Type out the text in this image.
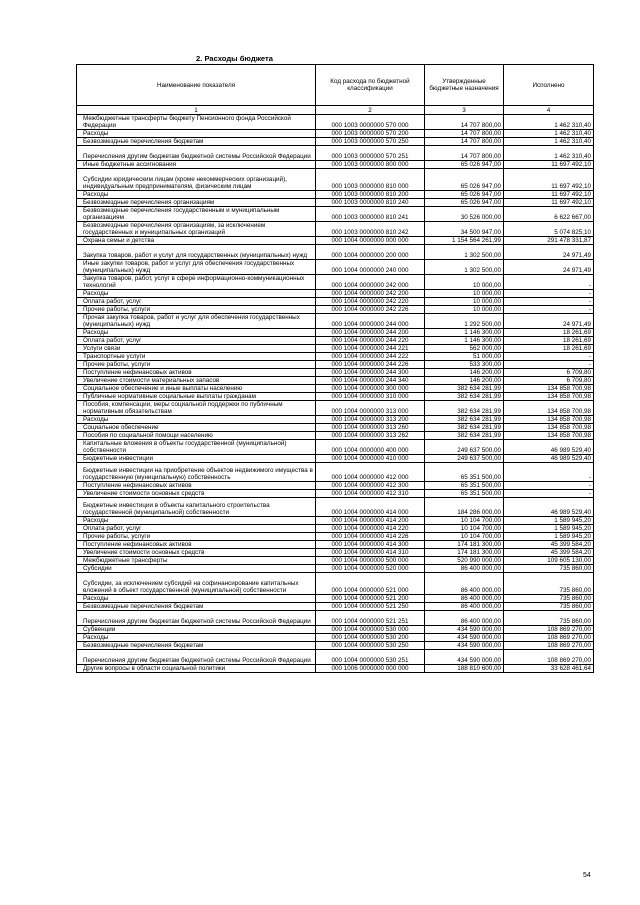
2. Расходы бюджета
Наименование показателя	Код расхода по бюджетной классификации	Утвержденные бюджетные назначения	Исполнено
1	2	3	4
Межбюджетные трансферты бюджету Пенсионного фонда Российской Федерации	000 1003 0000000 570 000	14 707 800,00	1 462 310,40
Расходы	000 1003 0000000 570 200	14 707 800,00	1 462 310,40
Безвозмездные перечисления бюджетам	000 1003 0000000 570 250	14 707 800,00	1 462 310,40
Перечисления другим бюджетам бюджетной системы Российской Федерации	000 1003 0000000 570 251	14 707 800,00	1 462 310,40
Иные бюджетные ассигнования	000 1003 0000000 800 000	65 026 947,00	11 697 492,10
Субсидии юридическим лицам (кроме некоммерческих организаций), индивидуальным предпринимателям, физическим лицам	000 1003 0000000 810 000	65 026 947,00	11 697 492,10
Расходы	000 1003 0000000 810 200	65 026 947,00	11 697 492,10
Безвозмездные перечисления организациям	000 1003 0000000 810 240	65 026 947,00	11 697 492,10
Безвозмездные перечисления государственным и муниципальным организациям	000 1003 0000000 810 241	30 526 000,00	6 622 667,00
Безвозмездные перечисления организациям, за исключением государственных и муниципальных организаций	000 1003 0000000 810 242	34 500 947,00	5 074 825,10
Охрана семьи и детства	000 1004 0000000 000 000	1 154 564 261,99	291 478 331,87
Закупка товаров, работ и услуг для государственных (муниципальных) нужд	000 1004 0000000 200 000	1 302 500,00	24 971,49
Иные закупки товаров, работ и услуг для обеспечения государственных (муниципальных) нужд	000 1004 0000000 240 000	1 302 500,00	24 971,49
Закупка товаров, работ, услуг в сфере информационно-коммуникационных технологий	000 1004 0000000 242 000	10 000,00	-
Расходы	000 1004 0000000 242 200	10 000,00	-
Оплата работ, услуг	000 1004 0000000 242 220	10 000,00	-
Прочие работы, услуги	000 1004 0000000 242 226	10 000,00	-
Прочая закупка товаров, работ и услуг для обеспечения государственных (муниципальных) нужд	000 1004 0000000 244 000	1 292 500,00	24 971,49
Расходы	000 1004 0000000 244 200	1 146 300,00	18 261,69
Оплата работ, услуг	000 1004 0000000 244 220	1 146 300,00	18 261,69
Услуги связи	000 1004 0000000 244 221	562 000,00	18 261,69
Транспортные услуги	000 1004 0000000 244 222	51 000,00	-
Прочие работы, услуги	000 1004 0000000 244 226	533 300,00	-
Поступление нефинансовых активов	000 1004 0000000 244 300	146 200,00	6 709,80
Увеличение стоимости материальных запасов	000 1004 0000000 244 340	146 200,00	6 709,80
Социальное обеспечение и иные выплаты населению	000 1004 0000000 300 000	382 634 281,99	134 858 700,98
Публичные нормативные социальные выплаты гражданам	000 1004 0000000 310 000	382 634 281,99	134 858 700,98
Пособия, компенсации, меры социальной поддержки по публичным нормативным обязательствам	000 1004 0000000 313 000	382 634 281,99	134 858 700,98
Расходы	000 1004 0000000 313 200	382 634 281,99	134 858 700,98
Социальное обеспечение	000 1004 0000000 313 260	382 634 281,99	134 858 700,98
Пособия по социальной помощи населению	000 1004 0000000 313 262	382 634 281,99	134 858 700,98
Капитальные вложения в объекты государственной (муниципальной) собственности	000 1004 0000000 400 000	249 637 500,00	46 989 529,40
Бюджетные инвестиции	000 1004 0000000 410 000	249 637 500,00	46 989 529,40
Бюджетные инвестиции на приобретение объектов недвижимого имущества в государственную (муниципальную) собственность	000 1004 0000000 412 000	65 351 500,00	-
Поступление нефинансовых активов	000 1004 0000000 412 300	65 351 500,00	-
Увеличение стоимости основных средств	000 1004 0000000 412 310	65 351 500,00	-
Бюджетные инвестиции в объекты капитального строительства государственной (муниципальной) собственности	000 1004 0000000 414 000	184 286 000,00	46 989 529,40
Расходы	000 1004 0000000 414 200	10 104 700,00	1 589 945,20
Оплата работ, услуг	000 1004 0000000 414 220	10 104 700,00	1 589 945,20
Прочие работы, услуги	000 1004 0000000 414 226	10 104 700,00	1 589 945,20
Поступление нефинансовых активов	000 1004 0000000 414 300	174 181 300,00	45 399 584,20
Увеличение стоимости основных средств	000 1004 0000000 414 310	174 181 300,00	45 399 584,20
Межбюджетные трансферты	000 1004 0000000 500 000	520 990 000,00	109 605 130,00
Субсидии	000 1004 0000000 520 000	86 400 000,00	735 860,00
Субсидии, за исключением субсидий на софинансирование капитальных вложений в объект государственной (муниципальной) собственности	000 1004 0000000 521 000	86 400 000,00	735 860,00
Расходы	000 1004 0000000 521 200	86 400 000,00	735 860,00
Безвозмездные перечисления бюджетам	000 1004 0000000 521 250	86 400 000,00	735 860,00
Перечисления другим бюджетам бюджетной системы Российской Федерации	000 1004 0000000 521 251	86 400 000,00	735 860,00
Субвенции	000 1004 0000000 530 000	434 590 000,00	108 869 270,00
Расходы	000 1004 0000000 530 200	434 590 000,00	108 869 270,00
Безвозмездные перечисления бюджетам	000 1004 0000000 530 250	434 590 000,00	108 869 270,00
Перечисления другим бюджетам бюджетной системы Российской Федерации	000 1004 0000000 530 251	434 590 000,00	108 869 270,00
Другие вопросы в области социальной политики	000 1006 0000000 000 000	188 810 600,00	33 628 461,64
54
